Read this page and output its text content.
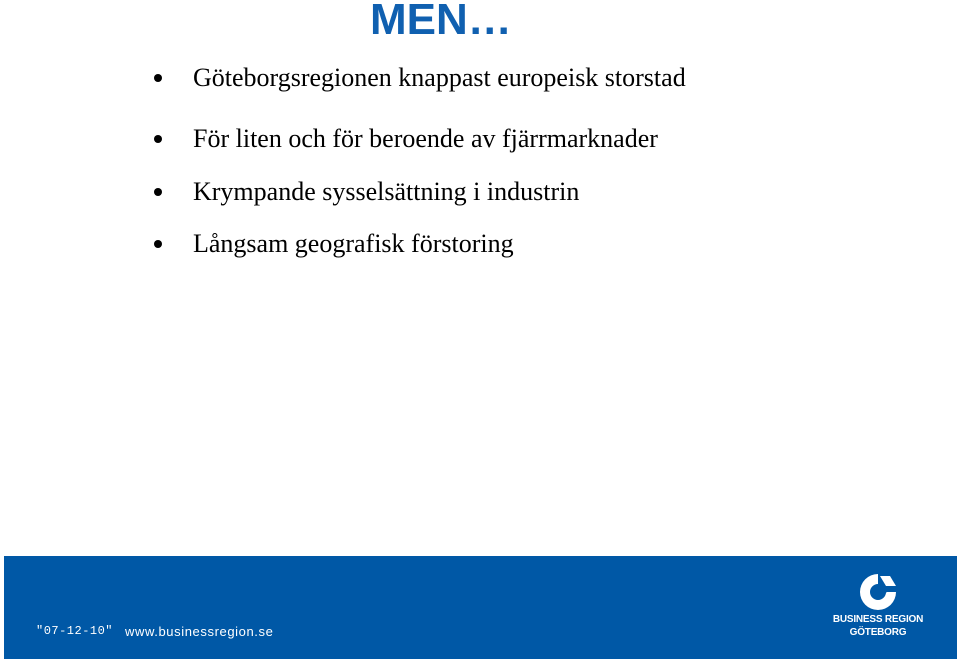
MEN…
Göteborgsregionen knappast europeisk storstad
För liten och för beroende av fjärrmarknader
Krympande sysselsättning i industrin
Långsam geografisk förstoring
"07-12-10" www.businessregion.se
BUSINESS REGION
GÖTEBORG
